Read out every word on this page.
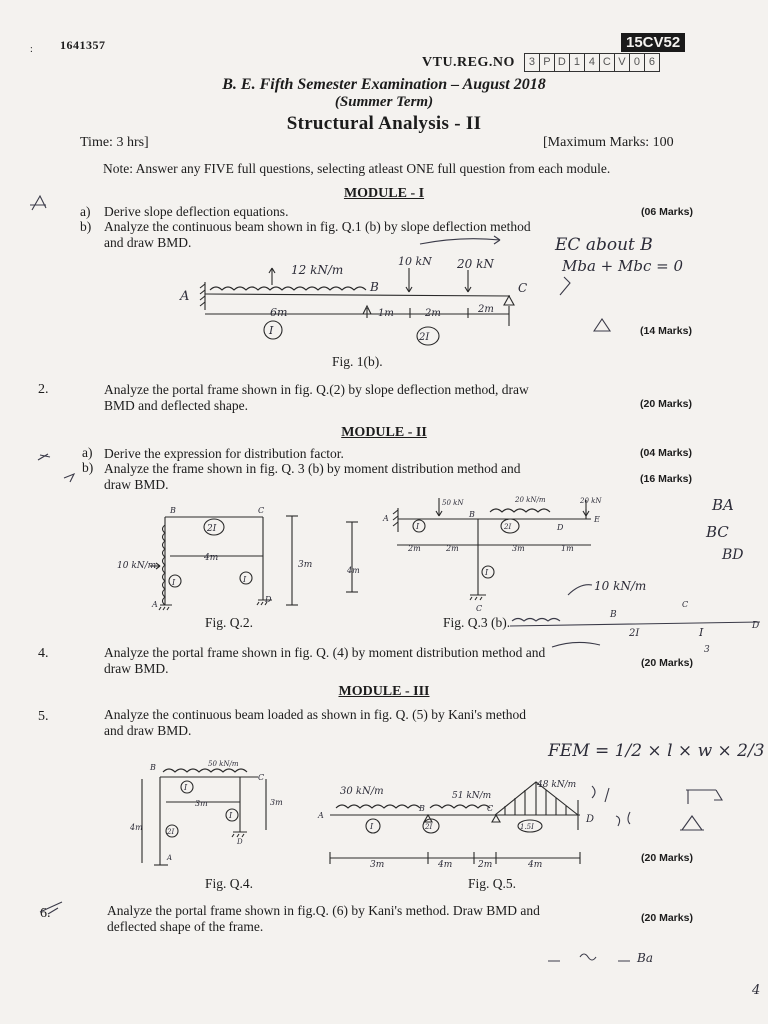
: 1641357	15CV52
VTU.REG.NO	3 P D 1 4 C V 0 6
B. E. Fifth Semester Examination – August 2018
(Summer Term)
Structural Analysis - II
Time: 3 hrs]	[Maximum Marks: 100
Note: Answer any FIVE full questions, selecting atleast ONE full question from each module.
MODULE - I
a) Derive slope deflection equations.	(06 Marks)
b) Analyze the continuous beam shown in fig. Q.1 (b) by slope deflection method
and draw BMD.
(14 Marks)
Fig. 1(b).
2.	Analyze the portal frame shown in fig. Q.(2) by slope deflection method, draw
BMD and deflected shape.	(20 Marks)
MODULE - II
a) Derive the expression for distribution factor.	(04 Marks)
b) Analyze the frame shown in fig. Q. 3 (b) by moment distribution method and
draw BMD.	(16 Marks)
Fig. Q.2.	Fig. Q.3 (b).
4.	Analyze the portal frame shown in fig. Q. (4) by moment distribution method and
draw BMD.	(20 Marks)
MODULE - III
5.	Analyze the continuous beam loaded as shown in fig. Q. (5) by Kani's method
and draw BMD.
(20 Marks)
Fig. Q.4.	Fig. Q.5.
6.	Analyze the portal frame shown in fig.Q. (6) by Kani's method. Draw BMD and
deflected shape of the frame.
(20 Marks)
12 kN/m
10 kN 20 kN
A
B	C
6m	1m	2m	2m
I
2I
B	C
A
D
10 kN/m
4m
3m
2I
I	I
A	B
C
D
E
50 kN	20 kN/m	20 kN
2m	2m	3m	1m
4m
I	2I
I
50 kN/m
B
C
A
D
3m	3m
4m
I
2I
I	A
B	C
D
30 kN/m	51 kN/m
48 kN/m
I	2I	1.5I
3m	4m	2m	4m
EC about B
Mba + Mbc = 0
BA
BC
BD
10 kN/m
B
C
D
2I	I
3
FEM = 1/2 × l × w × 2/3
Ba
4
